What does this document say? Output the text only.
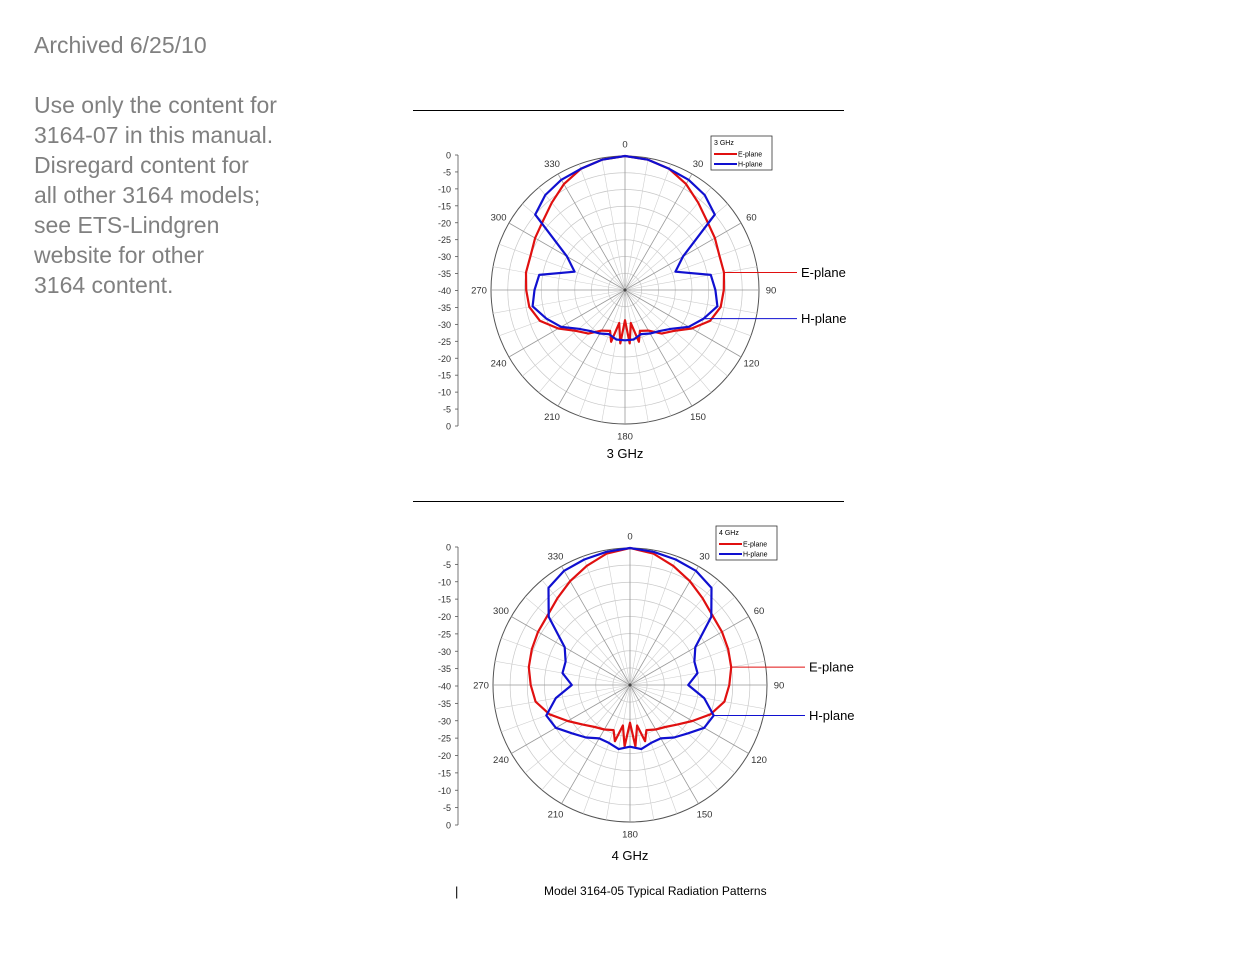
Archived 6/25/10
Use only the content for
3164-07 in this manual.
Disregard content for
all other 3164 models;
see ETS-Lindgren
website for other
3164 content.
0
30
60
90
120
150
180
210
240
270
300
330
0
-5
-10
-15
-20
-25
-30
-35
-40
-35
-30
-25
-20
-15
-10
-5
0
E-plane
H-plane
3 GHz
E-plane
H-plane
3 GHz
0
30
60
90
120
150
180
210
240
270
300
330
0
-5
-10
-15
-20
-25
-30
-35
-40
-35
-30
-25
-20
-15
-10
-5
0
E-plane
H-plane
4 GHz
E-plane
H-plane
4 GHz
|	Model 3164-05 Typical Radiation Patterns
